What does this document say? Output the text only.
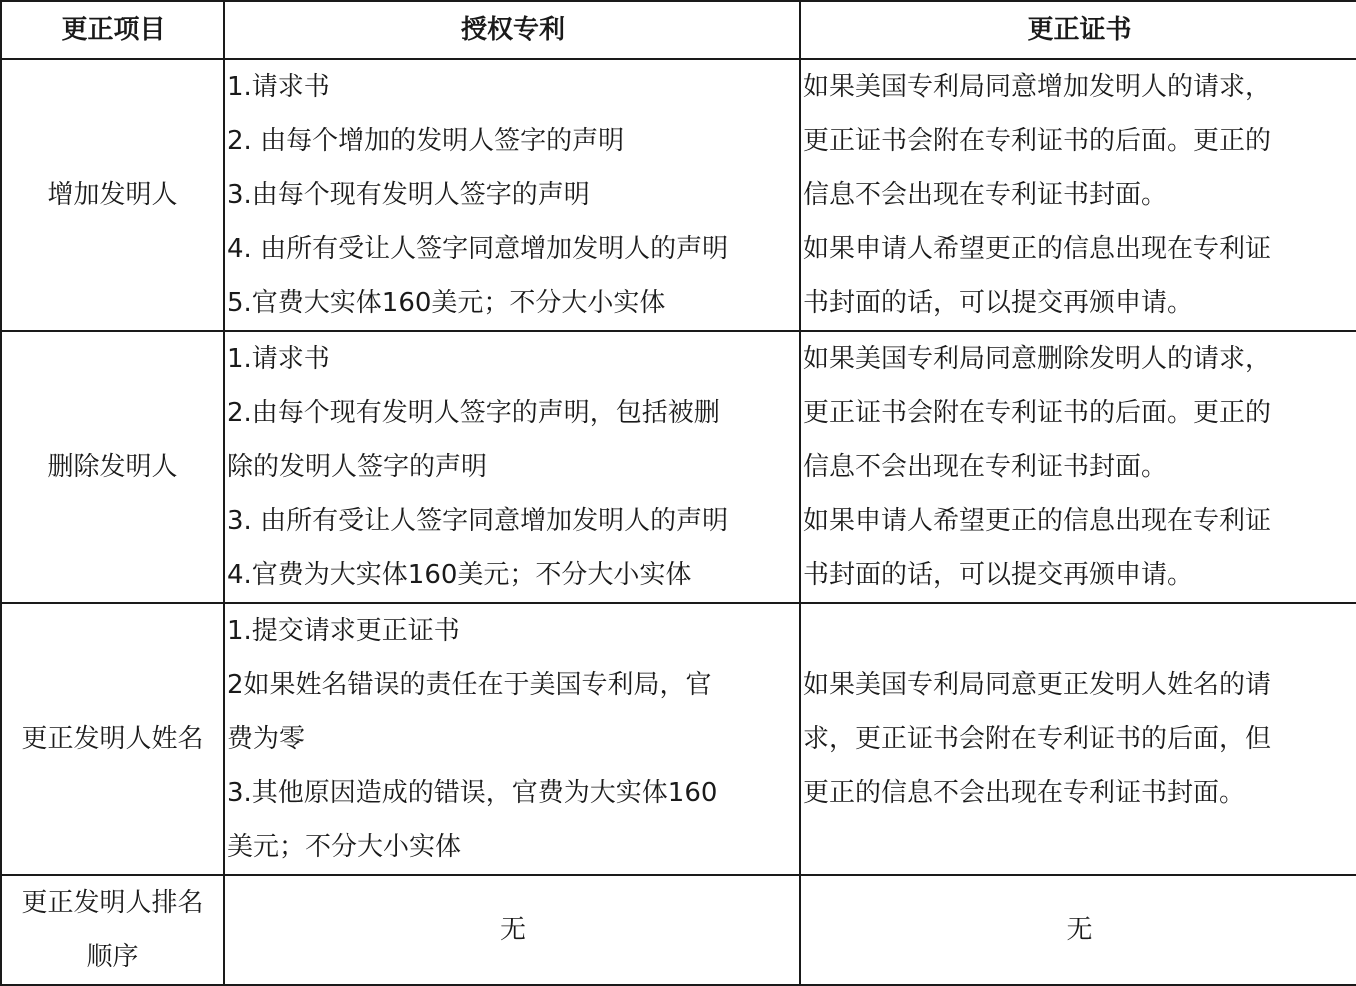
更正项目	授权专利	更正证书

增加发明人	1.请求书
2. 由每个增加的发明人签字的声明
3.由每个现有发明人签字的声明
4. 由所有受让人签字同意增加发明人的声明
5.官费大实体160美元；不分大小实体	如果美国专利局同意增加发明人的请求，
更正证书会附在专利证书的后面。更正的
信息不会出现在专利证书封面。
如果申请人希望更正的信息出现在专利证
书封面的话，可以提交再颁申请。

删除发明人	1.请求书
2.由每个现有发明人签字的声明，包括被删
除的发明人签字的声明
3. 由所有受让人签字同意增加发明人的声明
4.官费为大实体160美元；不分大小实体	如果美国专利局同意删除发明人的请求，
更正证书会附在专利证书的后面。更正的
信息不会出现在专利证书封面。
如果申请人希望更正的信息出现在专利证
书封面的话，可以提交再颁申请。

更正发明人姓名	1.提交请求更正证书
2如果姓名错误的责任在于美国专利局，官
费为零
3.其他原因造成的错误，官费为大实体160
美元；不分大小实体	如果美国专利局同意更正发明人姓名的请
求，更正证书会附在专利证书的后面，但
更正的信息不会出现在专利证书封面。

更正发明人排名
顺序	无	无
